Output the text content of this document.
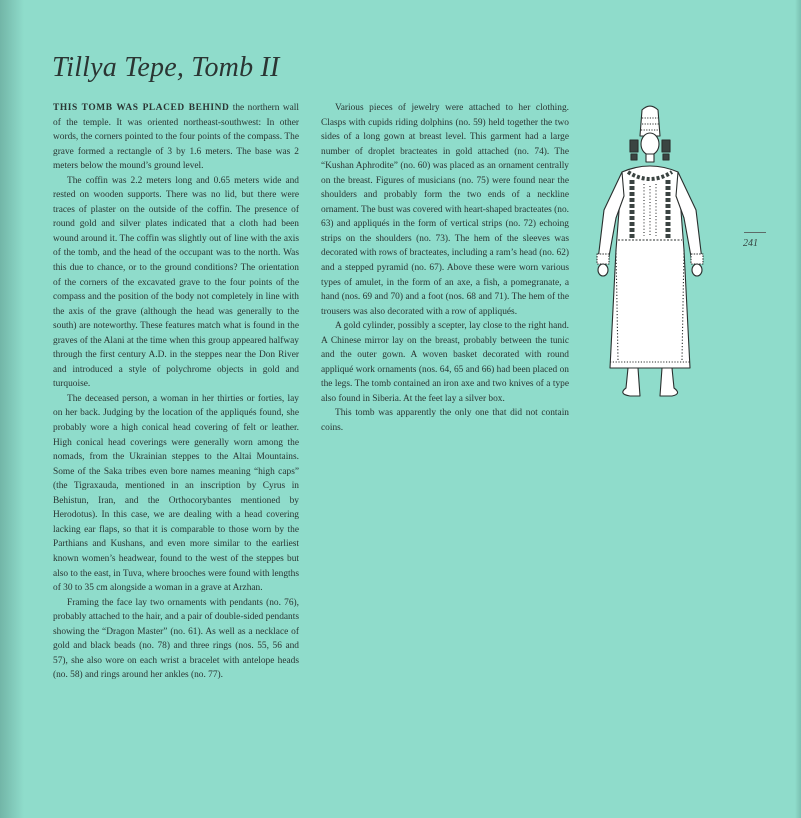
Tillya Tepe, Tomb II

THIS TOMB WAS PLACED BEHIND the northern wall of the temple. It was oriented northeast-southwest: In other words, the corners pointed to the four points of the compass. The grave formed a rectangle of 3 by 1.6 meters. The base was 2 meters below the mound’s ground level.

The coffin was 2.2 meters long and 0.65 meters wide and rested on wooden supports. There was no lid, but there were traces of plaster on the outside of the coffin. The presence of round gold and silver plates indicated that a cloth had been wound around it. The coffin was slightly out of line with the axis of the tomb, and the head of the occupant was to the north. Was this due to chance, or to the ground conditions? The orientation of the corners of the excavated grave to the four points of the compass and the position of the body not completely in line with the axis of the grave (although the head was generally to the south) are noteworthy. These features match what is found in the graves of the Alani at the time when this group appeared halfway through the first century A.D. in the steppes near the Don River and introduced a style of polychrome objects in gold and turquoise.

The deceased person, a woman in her thirties or forties, lay on her back. Judging by the location of the appliqués found, she probably wore a high conical head covering of felt or leather. High conical head coverings were generally worn among the nomads, from the Ukrainian steppes to the Altai Mountains. Some of the Saka tribes even bore names meaning “high caps” (the Tigraxauda, mentioned in an inscription by Cyrus in Behistun, Iran, and the Orthocorybantes mentioned by Herodotus). In this case, we are dealing with a head covering lacking ear flaps, so that it is comparable to those worn by the Parthians and Kushans, and even more similar to the earliest known women’s headwear, found to the west of the steppes but also to the east, in Tuva, where brooches were found with lengths of 30 to 35 cm alongside a woman in a grave at Arzhan.

Framing the face lay two ornaments with pendants (no. 76), probably attached to the hair, and a pair of double-sided pendants showing the “Dragon Master” (no. 61). As well as a necklace of gold and black beads (no. 78) and three rings (nos. 55, 56 and 57), she also wore on each wrist a bracelet with antelope heads (no. 58) and rings around her ankles (no. 77).

Various pieces of jewelry were attached to her clothing. Clasps with cupids riding dolphins (no. 59) held together the two sides of a long gown at breast level. This garment had a large number of droplet bracteates in gold attached (no. 74). The “Kushan Aphrodite” (no. 60) was placed as an ornament centrally on the breast. Figures of musicians (no. 75) were found near the shoulders and probably form the two ends of a neckline ornament. The bust was covered with heart-shaped bracteates (no. 63) and appliqués in the form of vertical strips (no. 72) echoing strips on the shoulders (no. 73). The hem of the sleeves was decorated with rows of bracteates, including a ram’s head (no. 62) and a stepped pyramid (no. 67). Above these were worn various types of amulet, in the form of an axe, a fish, a pomegranate, a hand (nos. 69 and 70) and a foot (nos. 68 and 71). The hem of the trousers was also decorated with a row of appliqués.

A gold cylinder, possibly a scepter, lay close to the right hand. A Chinese mirror lay on the breast, probably between the tunic and the outer gown. A woven basket decorated with round appliqué work ornaments (nos. 64, 65 and 66) had been placed on the legs. The tomb contained an iron axe and two knives of a type also found in Siberia. At the feet lay a silver box.

This tomb was apparently the only one that did not contain coins.

241
